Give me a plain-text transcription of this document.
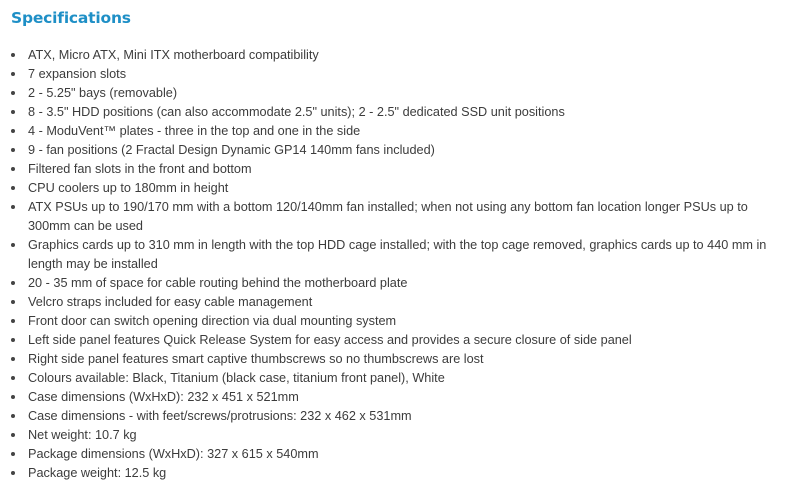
Specifications
ATX, Micro ATX, Mini ITX motherboard compatibility
7 expansion slots
2 - 5.25" bays (removable)
8 - 3.5" HDD positions (can also accommodate 2.5" units); 2 - 2.5" dedicated SSD unit positions
4 - ModuVent™ plates - three in the top and one in the side
9 - fan positions (2 Fractal Design Dynamic GP14 140mm fans included)
Filtered fan slots in the front and bottom
CPU coolers up to 180mm in height
ATX PSUs up to 190/170 mm with a bottom 120/140mm fan installed; when not using any bottom fan location longer PSUs up to 300mm can be used
Graphics cards up to 310 mm in length with the top HDD cage installed; with the top cage removed, graphics cards up to 440 mm in length may be installed
20 - 35 mm of space for cable routing behind the motherboard plate
Velcro straps included for easy cable management
Front door can switch opening direction via dual mounting system
Left side panel features Quick Release System for easy access and provides a secure closure of side panel
Right side panel features smart captive thumbscrews so no thumbscrews are lost
Colours available: Black, Titanium (black case, titanium front panel), White
Case dimensions (WxHxD): 232 x 451 x 521mm
Case dimensions - with feet/screws/protrusions: 232 x 462 x 531mm
Net weight: 10.7 kg
Package dimensions (WxHxD): 327 x 615 x 540mm
Package weight: 12.5 kg
